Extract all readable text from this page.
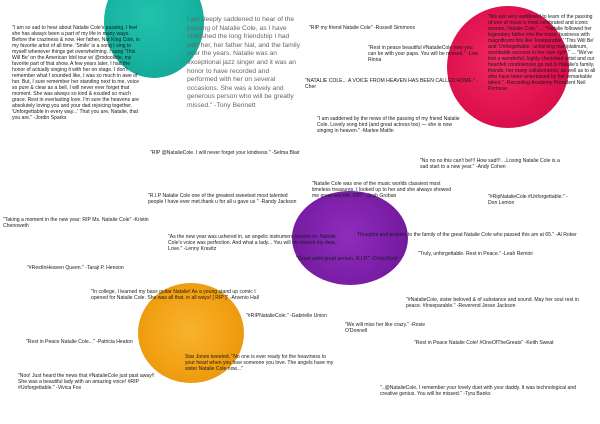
"I am so sad to hear about Natalie Cole's passing. I feel she has always been a part of my life in many ways. Before the craziness & now. Her father, Nat King Cole, is my favorite artist of all time. 'Smile' is a song I sing to myself whenever things get overwhelming. I sang 'This Will Be' on the American Idol tour w/ @mdoolittle, my favorite part of that show. A few years later, I had the honor of actually singing it with her on stage. I don't remember what I sounded like, I was so much in awe of her. But, I sure remember her standing next to me, voice so pure & clear as a bell, I will never ever forget that moment. She was always so kind & exuded so much grace. Rest in everlasting love. I'm sure the heavens are absolutely loving you and your dad rejoicing together. 'Unforgettable in every way...' That you are, Natalie, that you are." -Jordin Sparks

I am deeply saddened to hear of the passing of Natalie Cole, as I have cherished the long friendship I had with her, her father Nat, and the family over the years. Natalie was an exceptional jazz singer and it was an honor to have recorded and performed with her on several occasions. She was a lovely and generous person who will be greatly missed." -Tony Bennett

"RIP my friend Natalie Cole" -Russell Simmons

"We are very saddened to learn of the passing of one of music's most celebrated and iconic women, Natalie Cole," ... "Natalie followed her legendary father into the music business with magnificent hits like 'Inseparable,' 'This Will Be' and 'Unforgettable,' achieving multiplatinum, worldwide success in her own right." ... "We've lost a wonderful, highly cherished artist and our heartfelt condolences go out to Natalie's family, friends, her many collaborators, as well as to all who have been entertained by her remarkable talent." -Recording Academy President Neil Portnow

"Rest in peace beautiful #NatalieCole now you can be with your papa. You will be missed." -Lisa Rinna

"NATALIE COLE... A VOICE FROM HEAVEN HAS BEEN CALLED HOME." -Cher

"I am saddened by the news of the passing of my friend Natalie Cole. Lovely song bird (and great actress too) — she is now singing in heaven." -Marlee Matlin

"RIP @NatalieCole. I will never forget your kindness." -Selma Blair

"No no no this can't be!!! How sad!!! ...Losing Natalie Cole is a sad start to a new year." -Andy Cohen

"R.I.P Natalie Cole one of the greatest sweetest most talented people I have ever met.thank u for all u gave us " -Randy Jackson

"Natalie Cole was one of the music worlds classiest most timeless treasures. I looked up to her and she always showed me great warmth. RIP." -Josh Groban	"#RipNatalieCole #Unforgettable." -Don Lemon

"Taking a moment in the new year: RIP Ms. Natalie Cole" -Kristin Chenoweth

"As the new year was ushered in, an angelic instrument moved on. Natalie Cole's voice was perfection. And what a lady... You will be missed my dear. Love." -Lenny Kravitz

Thoughts and prayers to the family of the great Natalie Cole who passed this am at 65." -Al Roker

"Great artist great person. R.I.P." -Chris Rock

"Truly, unforgettable. Rest in Peace." -Leah Remini

"#RestInHeaven Queen." -Taraji P. Henson

"In college, I learned my bass guitar Natalie! As a young stand up comic I opened for Natalie Cole. She was all that, in all ways! [ RIP ]" -Arsenio Hall

"#RIPNatalieCole." -Gabrielle Union

"#NatalieCole, sister beloved & of substance and sound. May her soul rest in peace. #Inseparable." -Reverend Jesse Jackson

"We will miss her like crazy." -Rosie O'Donnell

"Rest in Peace Natalie Cole..." -Patricia Heaton	"Rest in Peace Natalie Cole! #OneOfTheGreats" -Keith Sweat

Star Jones tweeted, "No one is ever ready for the heaviness to your heart when you lose someone you love. The angels have my sister Natalie Cole now..."

"Noo! Just heard the news that #NatalieCole just past away!! She was a beautiful lady with an amazing voice! #RIP #Unforgettable." -Vivica Fox	"..@NatalieCole, I remember your lovely duet with your daddy. It was technological and creative genius. You will be missed." -Tyra Banks
